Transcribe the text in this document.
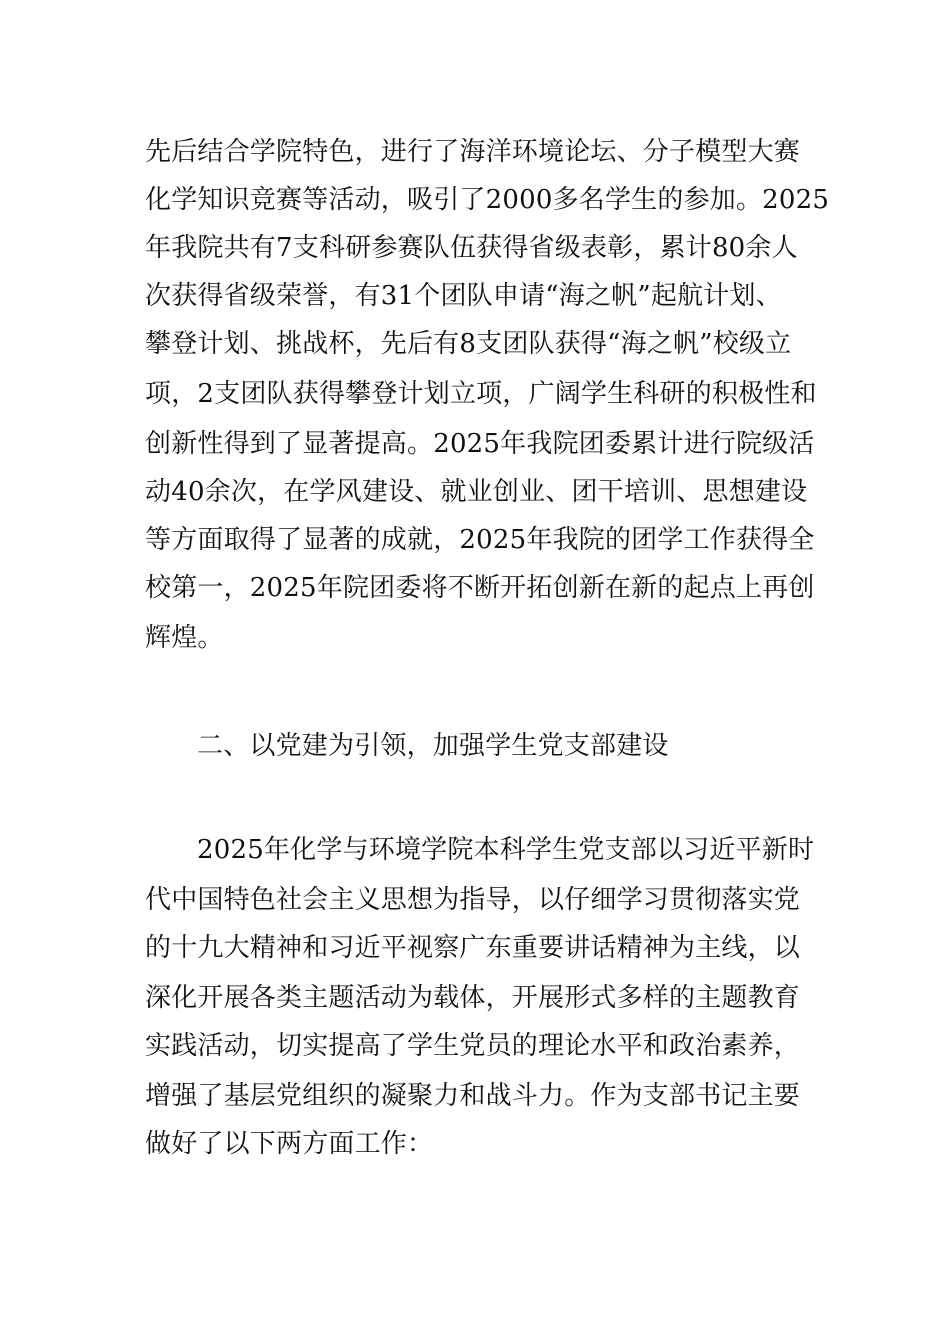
先后结合学院特色，进行了海洋环境论坛、分子模型大赛
化学知识竞赛等活动，吸引了2000多名学生的参加。2025
年我院共有7支科研参赛队伍获得省级表彰，累计80余人
次获得省级荣誉，有31个团队申请“海之帆”起航计划、
攀登计划、挑战杯，先后有8支团队获得“海之帆”校级立
项，2支团队获得攀登计划立项，广阔学生科研的积极性和
创新性得到了显著提高。2025年我院团委累计进行院级活
动40余次，在学风建设、就业创业、团干培训、思想建设
等方面取得了显著的成就，2025年我院的团学工作获得全
校第一，2025年院团委将不断开拓创新在新的起点上再创
辉煌。
二、以党建为引领，加强学生党支部建设
2025年化学与环境学院本科学生党支部以习近平新时
代中国特色社会主义思想为指导，以仔细学习贯彻落实党
的十九大精神和习近平视察广东重要讲话精神为主线，以
深化开展各类主题活动为载体，开展形式多样的主题教育
实践活动，切实提高了学生党员的理论水平和政治素养，
增强了基层党组织的凝聚力和战斗力。作为支部书记主要
做好了以下两方面工作：
